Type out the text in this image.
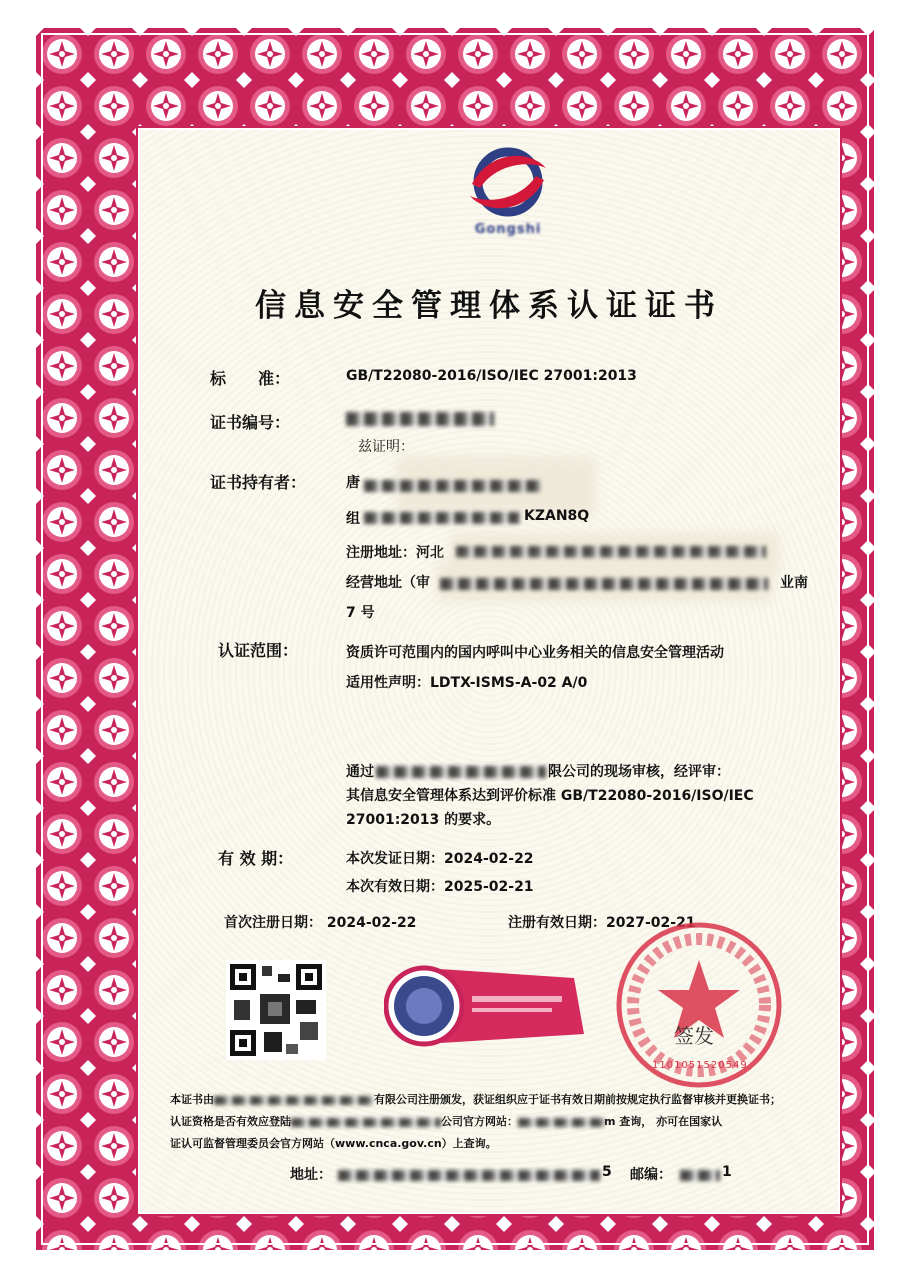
Gongshi
信息安全管理体系认证证书
标　　准：	GB/T22080-2016/ISO/IEC 27001:2013
证书编号：
兹证明：
证书持有者：	唐
组	KZAN8Q
注册地址：河北
经营地址（审	业南
7 号
认证范围：	资质许可范围内的国内呼叫中心业务相关的信息安全管理活动
适用性声明：LDTX-ISMS-A-02 A/0
通过	限公司的现场审核，经评审：
其信息安全管理体系达到评价标准 GB/T22080-2016/ISO/IEC
27001:2013 的要求。
有 效 期：	本次发证日期：2024-02-22
本次有效日期：2025-02-21
首次注册日期： 2024-02-22	注册有效日期：2027-02-21
签发
1101051520549
本证书由	有限公司注册颁发，获证组织应于证书有效日期前按规定执行监督审核并更换证书；
认证资格是否有效应登陆	公司官方网站：	m 查询， 亦可在国家认
证认可监督管理委员会官方网站（www.cnca.gov.cn）上查询。
地址：	5 邮编：	1
